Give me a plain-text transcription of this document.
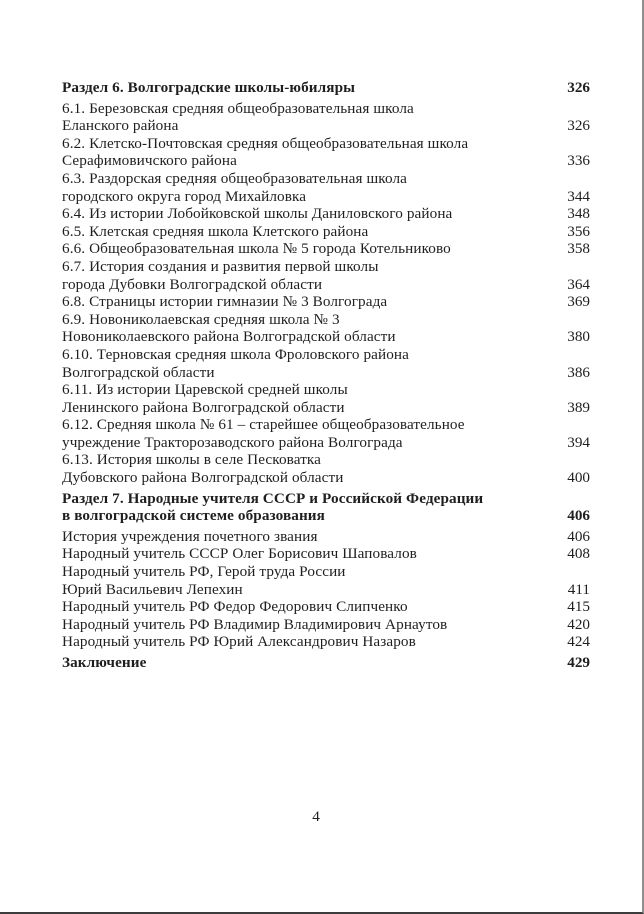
Раздел 6. Волгоградские школы-юбиляры	326
6.1. Березовская средняя общеобразовательная школа
Еланского района	326
6.2. Клетско-Почтовская средняя общеобразовательная школа
Серафимовичского района	336
6.3. Раздорская средняя общеобразовательная школа
городского округа город Михайловка	344
6.4. Из истории Лобойковской школы Даниловского района	348
6.5. Клетская средняя школа Клетского района	356
6.6. Общеобразовательная школа № 5 города Котельниково	358
6.7. История создания и развития первой школы
города Дубовки Волгоградской области	364
6.8. Страницы истории гимназии № 3 Волгограда	369
6.9. Новониколаевская средняя школа № 3
Новониколаевского района Волгоградской области	380
6.10. Терновская средняя школа Фроловского района
Волгоградской области	386
6.11. Из истории Царевской средней школы
Ленинского района Волгоградской области	389
6.12. Средняя школа № 61 – старейшее общеобразовательное
учреждение Тракторозаводского района Волгограда	394
6.13. История школы в селе Песковатка
Дубовского района Волгоградской области	400
Раздел 7. Народные учителя СССР и Российской Федерации
в волгоградской системе образования	406
История учреждения почетного звания	406
Народный учитель СССР Олег Борисович Шаповалов	408
Народный учитель РФ, Герой труда России
Юрий Васильевич Лепехин	411
Народный учитель РФ Федор Федорович Слипченко	415
Народный учитель РФ Владимир Владимирович Арнаутов	420
Народный учитель РФ Юрий Александрович Назаров	424
Заключение	429
4
